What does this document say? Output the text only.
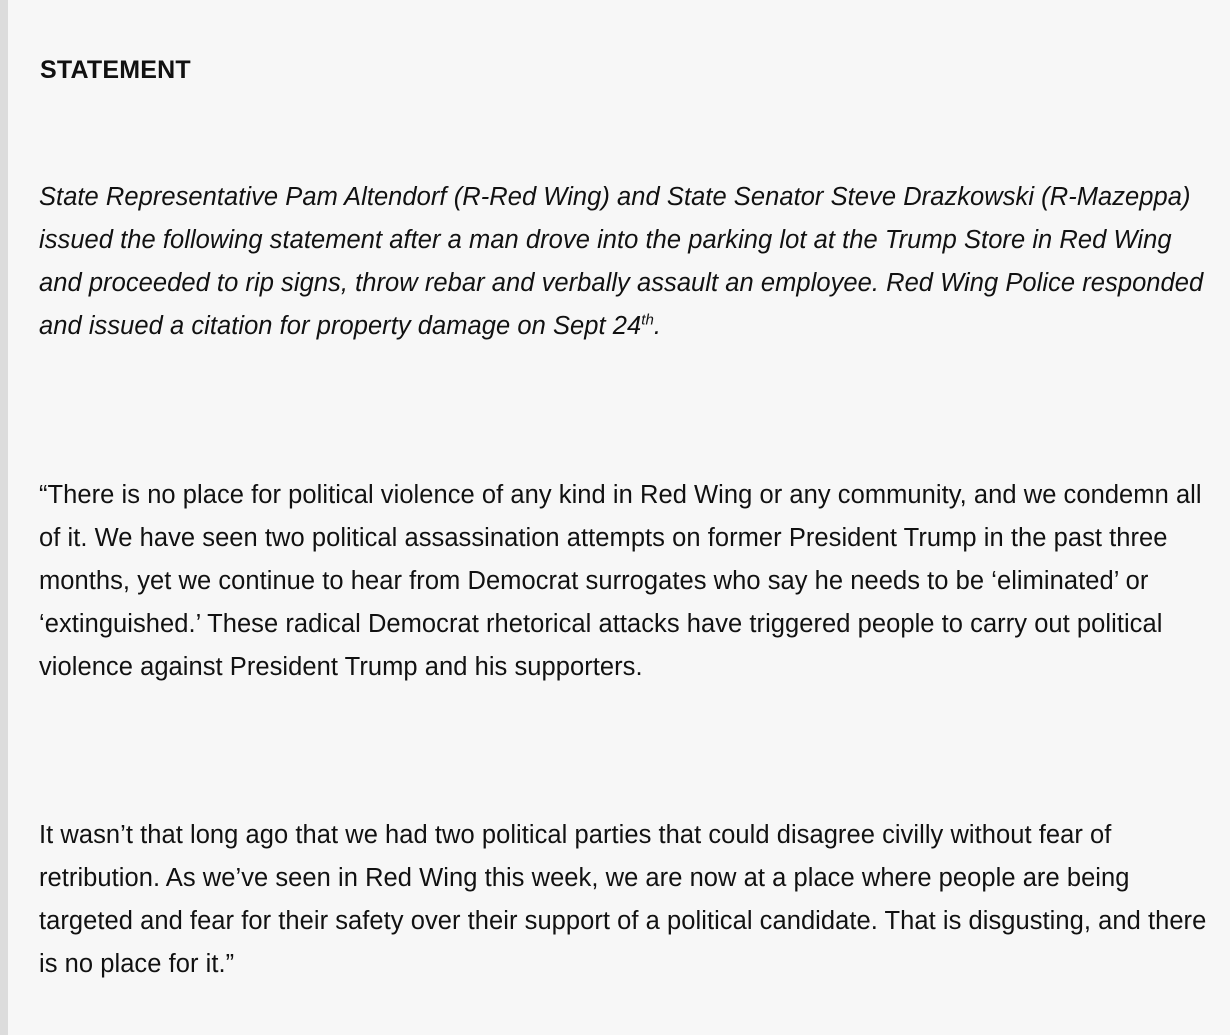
STATEMENT

State Representative Pam Altendorf (R-Red Wing) and State Senator Steve Drazkowski (R-Mazeppa) issued the following statement after a man drove into the parking lot at the Trump Store in Red Wing and proceeded to rip signs, throw rebar and verbally assault an employee. Red Wing Police responded and issued a citation for property damage on Sept 24th.

“There is no place for political violence of any kind in Red Wing or any community, and we condemn all of it. We have seen two political assassination attempts on former President Trump in the past three months, yet we continue to hear from Democrat surrogates who say he needs to be ‘eliminated’ or ‘extinguished.’ These radical Democrat rhetorical attacks have triggered people to carry out political violence against President Trump and his supporters.

It wasn’t that long ago that we had two political parties that could disagree civilly without fear of retribution. As we’ve seen in Red Wing this week, we are now at a place where people are being targeted and fear for their safety over their support of a political candidate. That is disgusting, and there is no place for it.”
